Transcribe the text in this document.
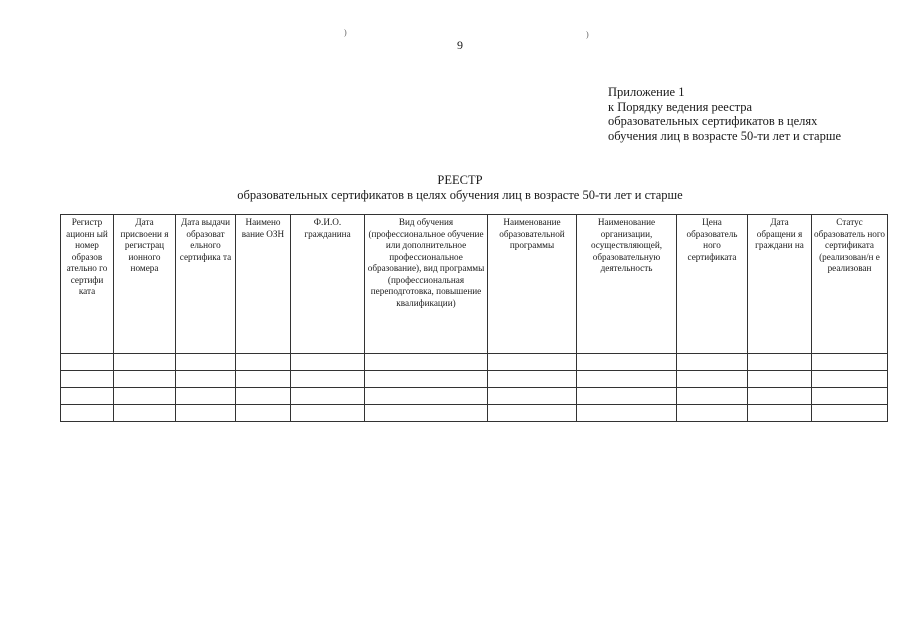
9
)	)
Приложение 1
к Порядку ведения реестра
образовательных сертификатов в целях
обучения лиц в возрасте 50-ти лет и старше
РЕЕСТР
образовательных сертификатов в целях обучения лиц в возрасте 50-ти лет и старше
Регистр ационн ый номер образов ательно го сертифи ката	Дата присвоени я регистрац ионного номера	Дата выдачи образоват ельного сертифика та	Наимено вание ОЗН	Ф.И.О. гражданина	Вид обучения (профессиональное обучение или дополнительное профессиональное образование), вид программы (профессиональная переподготовка, повышение квалификации)	Наименование образовательной программы	Наименование организации, осуществляющей, образовательную деятельность	Цена образователь ного сертификата	Дата обращени я граждани на	Статус образователь ного сертификата (реализован/н е реализован
